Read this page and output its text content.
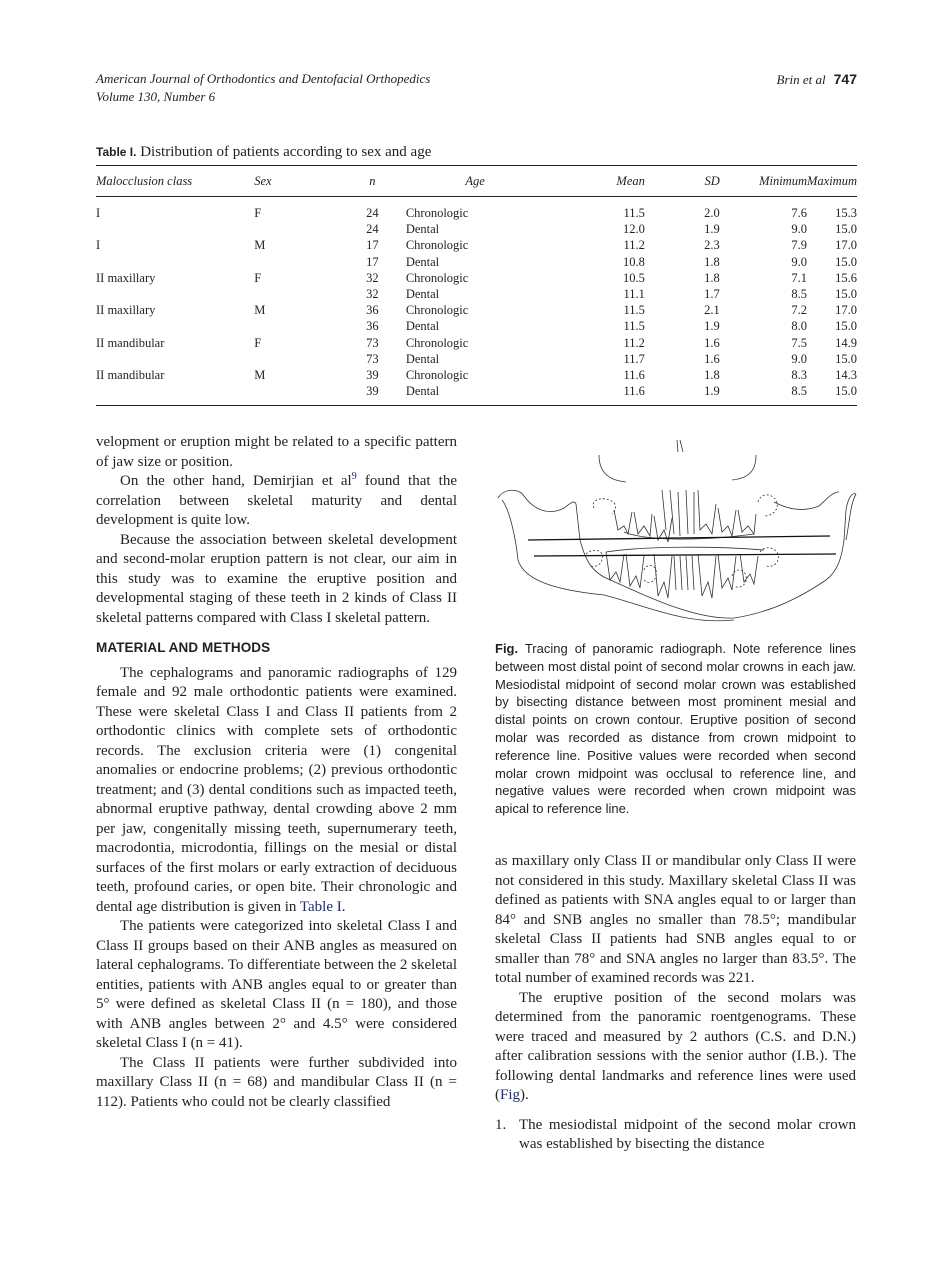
American Journal of Orthodontics and Dentofacial Orthopedics
Volume 130, Number 6
Brin et al 747
Table I. Distribution of patients according to sex and age
Malocclusion class	Sex	n	Age	Mean	SD	Minimum	Maximum
I	F	24	Chronologic	11.5	2.0	7.6	15.3
		24	Dental	12.0	1.9	9.0	15.0
I	M	17	Chronologic	11.2	2.3	7.9	17.0
		17	Dental	10.8	1.8	9.0	15.0
II maxillary	F	32	Chronologic	10.5	1.8	7.1	15.6
		32	Dental	11.1	1.7	8.5	15.0
II maxillary	M	36	Chronologic	11.5	2.1	7.2	17.0
		36	Dental	11.5	1.9	8.0	15.0
II mandibular	F	73	Chronologic	11.2	1.6	7.5	14.9
		73	Dental	11.7	1.6	9.0	15.0
II mandibular	M	39	Chronologic	11.6	1.8	8.3	14.3
		39	Dental	11.6	1.9	8.5	15.0

velopment or eruption might be related to a specific pattern of jaw size or position.

On the other hand, Demirjian et al$^9$ found that the correlation between skeletal maturity and dental development is quite low.

Because the association between skeletal development and second-molar eruption pattern is not clear, our aim in this study was to examine the eruptive position and developmental staging of these teeth in 2 kinds of Class II skeletal patterns compared with Class I skeletal pattern.

MATERIAL AND METHODS

The cephalograms and panoramic radiographs of 129 female and 92 male orthodontic patients were examined. These were skeletal Class I and Class II patients from 2 orthodontic clinics with complete sets of orthodontic records. The exclusion criteria were (1) congenital anomalies or endocrine problems; (2) previous orthodontic treatment; and (3) dental conditions such as impacted teeth, abnormal eruptive pathway, dental crowding above 2 mm per jaw, congenitally missing teeth, supernumerary teeth, macrodontia, microdontia, fillings on the mesial or distal surfaces of the first molars or early extraction of deciduous teeth, profound caries, or open bite. Their chronologic and dental age distribution is given in Table I.

The patients were categorized into skeletal Class I and Class II groups based on their ANB angles as measured on lateral cephalograms. To differentiate between the 2 skeletal entities, patients with ANB angles equal to or greater than 5° were defined as skeletal Class II (n = 180), and those with ANB angles between 2° and 4.5° were considered skeletal Class I (n = 41).

The Class II patients were further subdivided into maxillary Class II (n = 68) and mandibular Class II (n = 112). Patients who could not be clearly classified

Fig. Tracing of panoramic radiograph. Note reference lines between most distal point of second molar crowns in each jaw. Mesiodistal midpoint of second molar crown was established by bisecting distance between most prominent mesial and distal points on crown contour. Eruptive position of second molar was recorded as distance from crown midpoint to reference line. Positive values were recorded when second molar crown midpoint was occlusal to reference line, and negative values were recorded when crown midpoint was apical to reference line.

as maxillary only Class II or mandibular only Class II were not considered in this study. Maxillary skeletal Class II was defined as patients with SNA angles equal to or larger than 84° and SNB angles no smaller than 78.5°; mandibular skeletal Class II patients had SNB angles equal to or smaller than 78° and SNA angles no larger than 83.5°. The total number of examined records was 221.

The eruptive position of the second molars was determined from the panoramic roentgenograms. These were traced and measured by 2 authors (C.S. and D.N.) after calibration sessions with the senior author (I.B.). The following dental landmarks and reference lines were used (Fig).

1. The mesiodistal midpoint of the second molar crown was established by bisecting the distance
